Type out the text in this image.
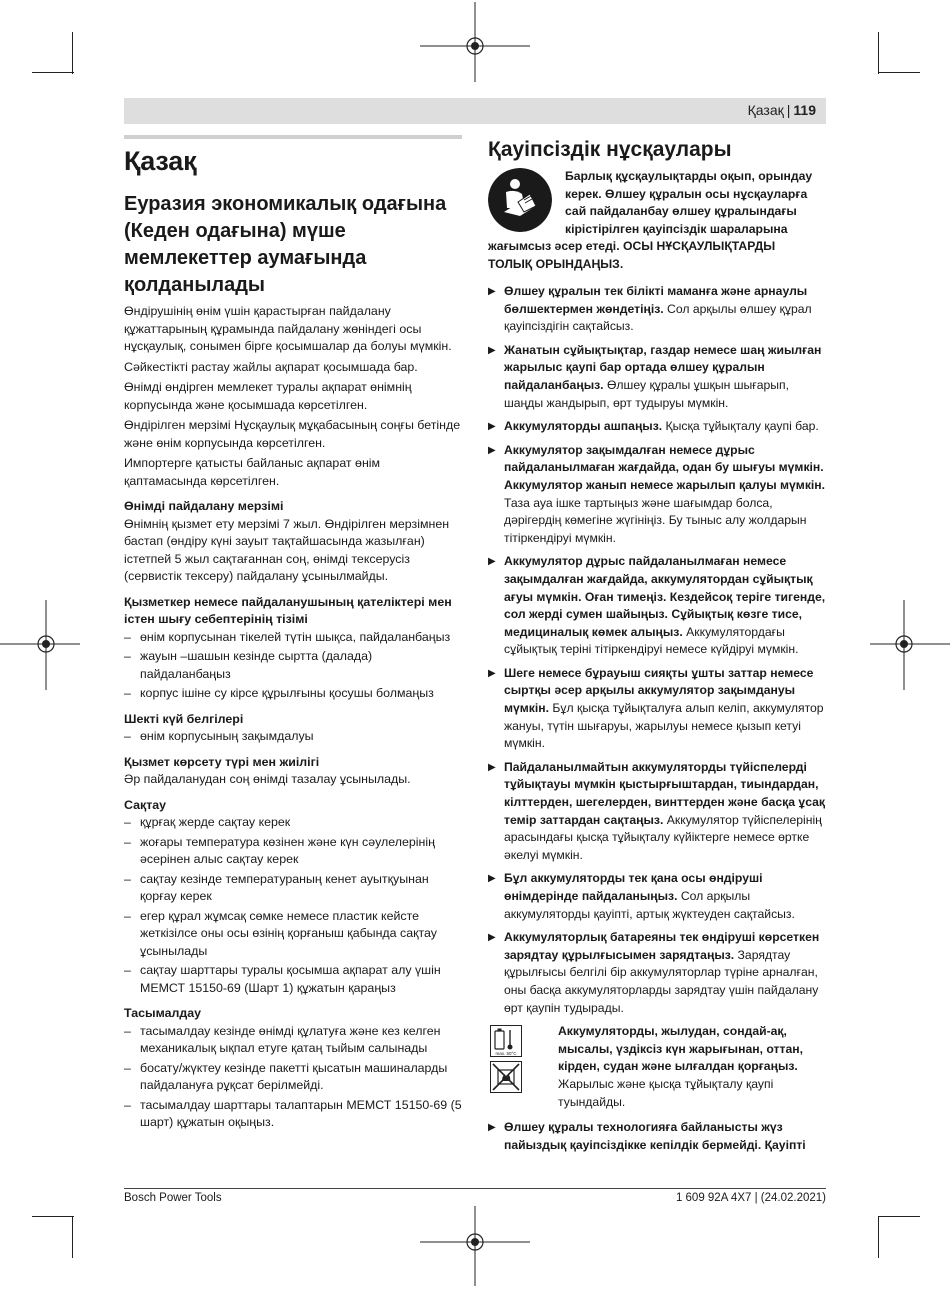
Қазақ | 119
Қазақ
Еуразия экономикалық одағына (Кеден одағына) мүше мемлекеттер аумағында қолданылады
Өндірушінің өнім үшін қарастырған пайдалану құжаттарының құрамында пайдалану жөніндегі осы нұсқаулық, сонымен бірге қосымшалар да болуы мүмкін.
Сәйкестікті растау жайлы ақпарат қосымшада бар.
Өнімді өндірген мемлекет туралы ақпарат өнімнің корпусында және қосымшада көрсетілген.
Өндірілген мерзімі Нұсқаулық мұқабасының соңғы бетінде және өнім корпусында көрсетілген.
Импортерге қатысты байланыс ақпарат өнім қаптамасында көрсетілген.
Өнімді пайдалану мерзімі
Өнімнің қызмет ету мерзімі 7 жыл. Өндірілген мерзімнен бастап (өндіру күні зауыт тақтайшасында жазылған) істетпей 5 жыл сақтағаннан соң, өнімді тексерусіз (сервистік тексеру) пайдалану ұсынылмайды.
Қызметкер немесе пайдаланушының қателіктері мен істен шығу себептерінің тізімі
– өнім корпусынан тікелей түтін шықса, пайдаланбаңыз
– жауын –шашын кезінде сыртта (далада) пайдаланбаңыз
– корпус ішіне су кірсе құрылғыны қосушы болмаңыз
Шекті күй белгілері
– өнім корпусының зақымдалуы
Қызмет көрсету түрі мен жиілігі
Әр пайдаланудан соң өнімді тазалау ұсынылады.
Сақтау
– құрғақ жерде сақтау керек
– жоғары температура көзінен және күн сәулелерінің әсерінен алыс сақтау керек
– сақтау кезінде температураның кенет ауытқуынан қорғау керек
– егер құрал жұмсақ сөмке немесе пластик кейсте жеткізілсе оны осы өзінің қорғаныш қабында сақтау ұсынылады
– сақтау шарттары туралы қосымша ақпарат алу үшін МЕМСТ 15150-69 (Шарт 1) құжатын қараңыз
Тасымалдау
– тасымалдау кезінде өнімді құлатуға және кез келген механикалық ықпал етуге қатаң тыйым салынады
– босату/жүктеу кезінде пакетті қысатын машиналарды пайдалануға рұқсат берілмейді.
– тасымалдау шарттары талаптарын МЕМСТ 15150-69 (5 шарт) құжатын оқыңыз.
Қауіпсіздік нұсқаулары
Барлық құсқаулықтарды оқып, орындау
керек. Өлшеу құралын осы нұсқауларға
сай пайдаланбау өлшеу құралындағы
кірістірілген қауіпсіздік шараларына
жағымсыз әсер етеді. ОСЫ НҰСҚАУЛЫҚТАРДЫ
ТОЛЫҚ ОРЫНДАҢЫЗ.
▶ Өлшеу құралын тек білікті маманға және арнаулы бөлшектермен жөндетіңіз. Сол арқылы өлшеу құрал қауіпсіздігін сақтайсыз.
▶ Жанатын сұйықтықтар, газдар немесе шаң жиылған жарылыс қаупі бар ортада өлшеу құралын пайдаланбаңыз. Өлшеу құралы ұшқын шығарып, шаңды жандырып, өрт тудыруы мүмкін.
▶ Аккумуляторды ашпаңыз. Қысқа тұйықталу қаупі бар.
▶ Аккумулятор зақымдалған немесе дұрыс пайдаланылмаған жағдайда, одан бу шығуы мүмкін. Аккумулятор жанып немесе жарылып қалуы мүмкін. Таза ауа ішке тартыңыз және шағымдар болса, дәрігердің көмегіне жүгініңіз. Бу тыныс алу жолдарын тітіркендіруі мүмкін.
▶ Аккумулятор дұрыс пайдаланылмаған немесе зақымдалған жағдайда, аккумулятордан сұйықтық ағуы мүмкін. Оған тимеңіз. Кездейсоқ теріге тигенде, сол жерді сумен шайыңыз. Сұйықтық көзге тисе, медициналық көмек алыңыз. Аккумулятордағы сұйықтық теріні тітіркендіруі немесе күйдіруі мүмкін.
▶ Шеге немесе бұрауыш сияқты ұшты заттар немесе сыртқы әсер арқылы аккумулятор зақымдануы мүмкін. Бұл қысқа тұйықталуға алып келіп, аккумулятор жануы, түтін шығаруы, жарылуы немесе қызып кетуі мүмкін.
▶ Пайдаланылмайтын аккумуляторды түйіспелерді тұйықтауы мүмкін қыстырғыштардан, тиындардан, кілттерден, шегелерден, винттерден және басқа ұсақ темір заттардан сақтаңыз. Аккумулятор түйіспелерінің арасындағы қысқа тұйықталу күйіктерге немесе өртке әкелуі мүмкін.
▶ Бұл аккумуляторды тек қана осы өндіруші өнімдерінде пайдаланыңыз. Сол арқылы аккумуляторды қауіпті, артық жүктеуден сақтайсыз.
▶ Аккумуляторлық батареяны тек өндіруші көрсеткен зарядтау құрылғысымен зарядтаңыз. Зарядтау құрылғысы белгілі бір аккумуляторлар түріне арналған, оны басқа аккумуляторларды зарядтау үшін пайдалану өрт қаупін тудырады.
max. 50°C
Аккумуляторды, жылудан, сондай-ақ, мысалы, үздіксіз күн жарығынан, оттан, кірден, судан және ылғалдан қорғаңыз. Жарылыс және қысқа тұйықталу қаупі туындайды.
▶ Өлшеу құралы технологияға байланысты жүз пайыздық қауіпсіздікке кепілдік бермейді. Қауіпті
Bosch Power Tools	1 609 92A 4X7 | (24.02.2021)
